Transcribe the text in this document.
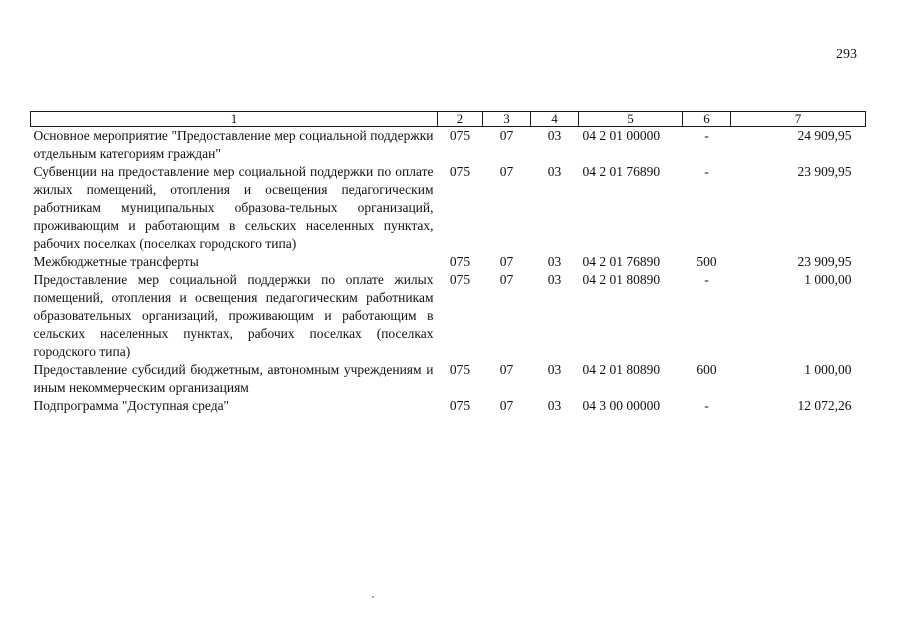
293
1	2	3	4	5	6	7
Основное мероприятие "Предоставление мер социальной поддержки отдельным категориям граждан"	075	07	03	04 2 01 00000	-	24 909,95
Субвенции на предоставление мер социальной поддержки по оплате жилых помещений, отопления и освещения педагогическим работникам муниципальных образова-тельных организаций, проживающим и работающим в сельских населенных пунктах, рабочих поселках (поселках городского типа)	075	07	03	04 2 01 76890	-	23 909,95
Межбюджетные трансферты	075	07	03	04 2 01 76890	500	23 909,95
Предоставление мер социальной поддержки по оплате жилых помещений, отопления и освещения педагогическим работникам образовательных организаций, проживающим и работающим в сельских населенных пунктах, рабочих поселках (поселках городского типа)	075	07	03	04 2 01 80890	-	1 000,00
Предоставление субсидий бюджетным, автономным учреждениям и иным некоммерческим организациям	075	07	03	04 2 01 80890	600	1 000,00
Подпрограмма "Доступная среда"	075	07	03	04 3 00 00000	-	12 072,26
